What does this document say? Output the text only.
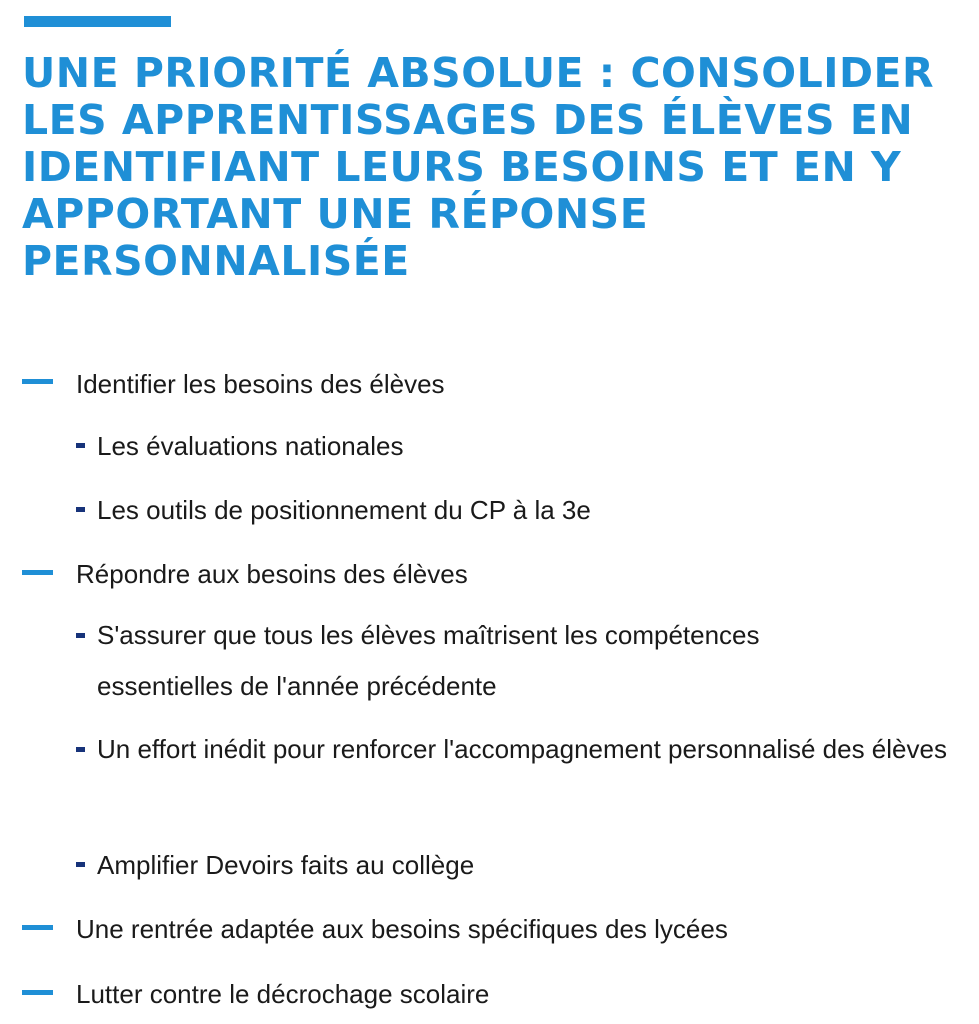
UNE PRIORITÉ ABSOLUE : CONSOLIDER LES APPRENTISSAGES DES ÉLÈVES EN IDENTIFIANT LEURS BESOINS ET EN Y APPORTANT UNE RÉPONSE PERSONNALISÉE
Identifier les besoins des élèves
Les évaluations nationales
Les outils de positionnement du CP à la 3e
Répondre aux besoins des élèves
S'assurer que tous les élèves maîtrisent les compétences essentielles de l'année précédente
Un effort inédit pour renforcer l'accompagnement personnalisé des élèves
Amplifier Devoirs faits au collège
Une rentrée adaptée aux besoins spécifiques des lycées
Lutter contre le décrochage scolaire
